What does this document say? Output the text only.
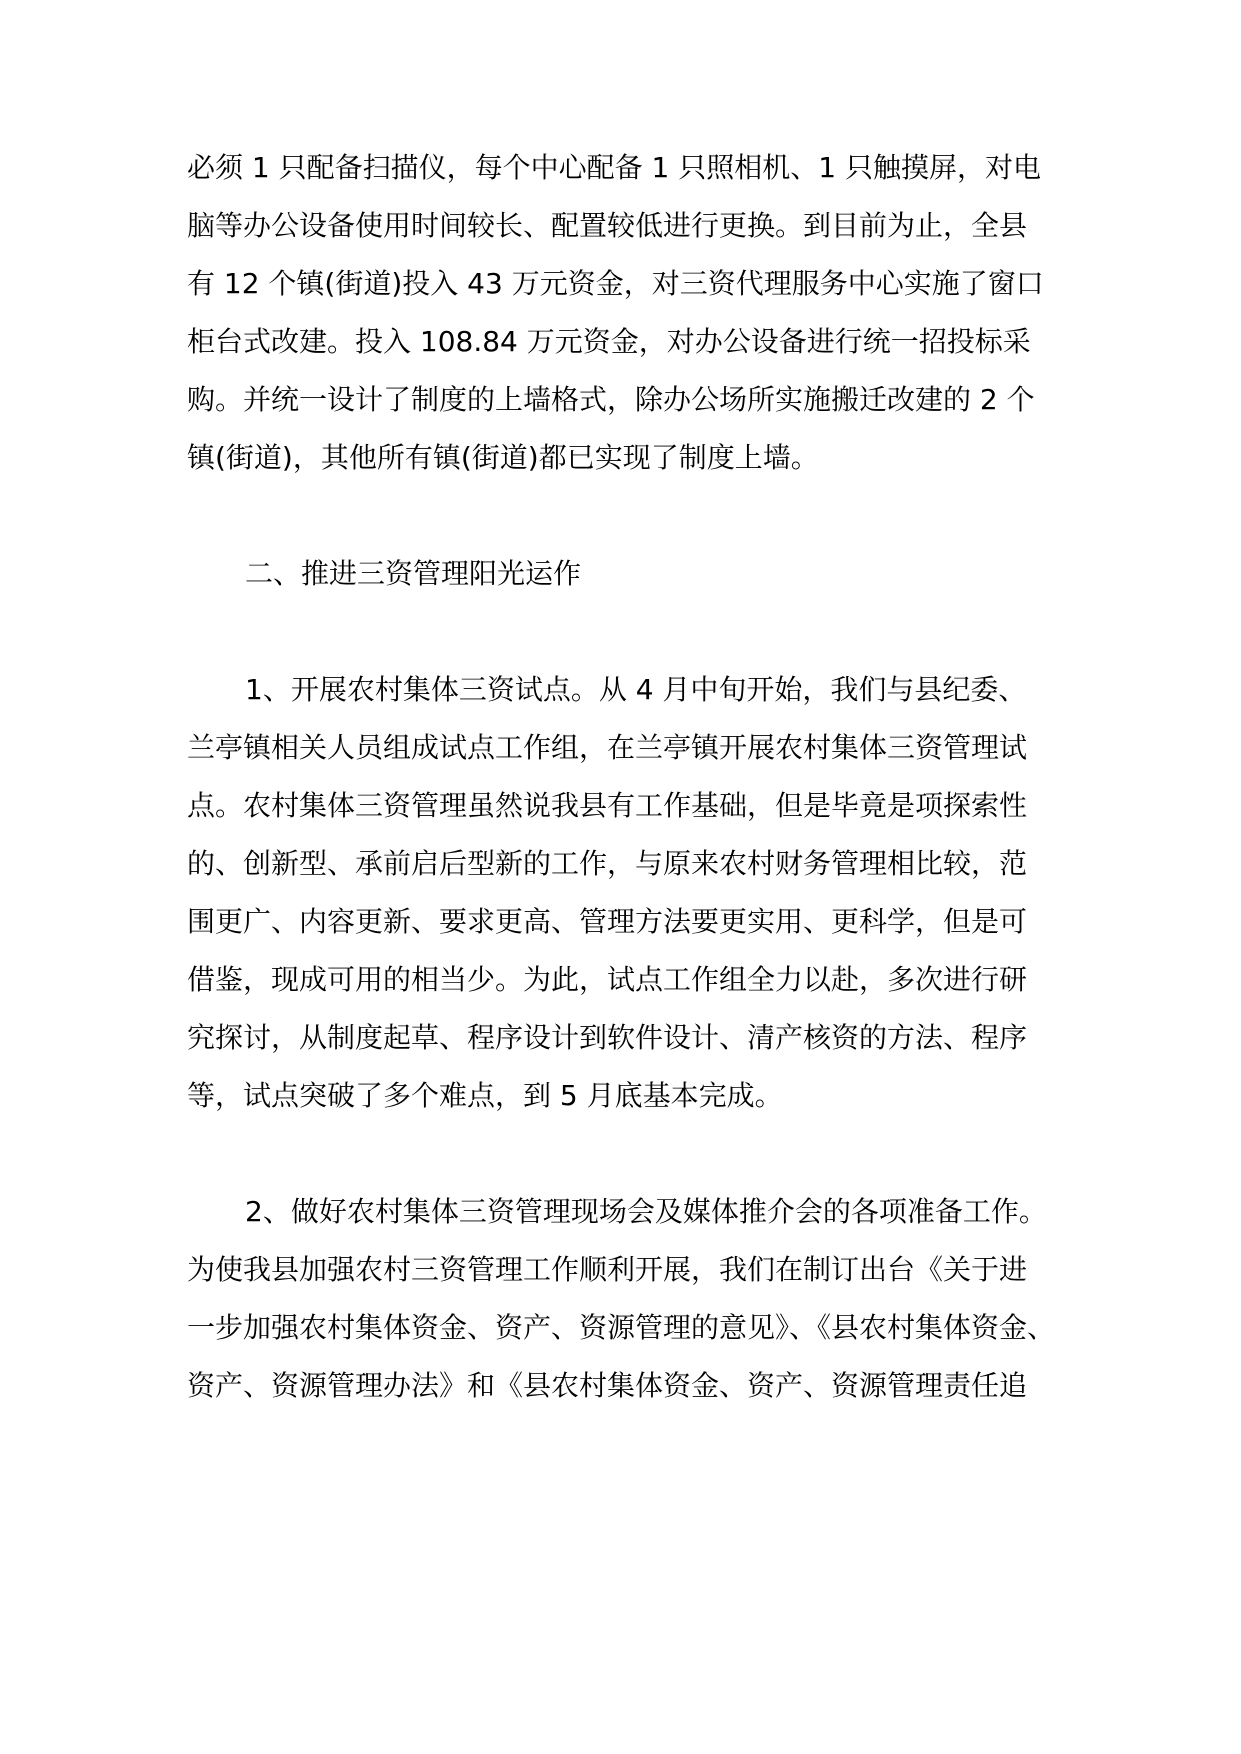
必须 1 只配备扫描仪，每个中心配备 1 只照相机、1 只触摸屏，对电
脑等办公设备使用时间较长、配置较低进行更换。到目前为止，全县
有 12 个镇(街道)投入 43 万元资金，对三资代理服务中心实施了窗口
柜台式改建。投入 108.84 万元资金，对办公设备进行统一招投标采
购。并统一设计了制度的上墙格式，除办公场所实施搬迁改建的 2 个
镇(街道)，其他所有镇(街道)都已实现了制度上墙。
二、推进三资管理阳光运作
1、开展农村集体三资试点。从 4 月中旬开始，我们与县纪委、
兰亭镇相关人员组成试点工作组，在兰亭镇开展农村集体三资管理试
点。农村集体三资管理虽然说我县有工作基础，但是毕竟是项探索性
的、创新型、承前启后型新的工作，与原来农村财务管理相比较，范
围更广、内容更新、要求更高、管理方法要更实用、更科学，但是可
借鉴，现成可用的相当少。为此，试点工作组全力以赴，多次进行研
究探讨，从制度起草、程序设计到软件设计、清产核资的方法、程序
等，试点突破了多个难点，到 5 月底基本完成。
2、做好农村集体三资管理现场会及媒体推介会的各项准备工作。
为使我县加强农村三资管理工作顺利开展，我们在制订出台《关于进
一步加强农村集体资金、资产、资源管理的意见》、《县农村集体资金、
资产、资源管理办法》和《县农村集体资金、资产、资源管理责任追
